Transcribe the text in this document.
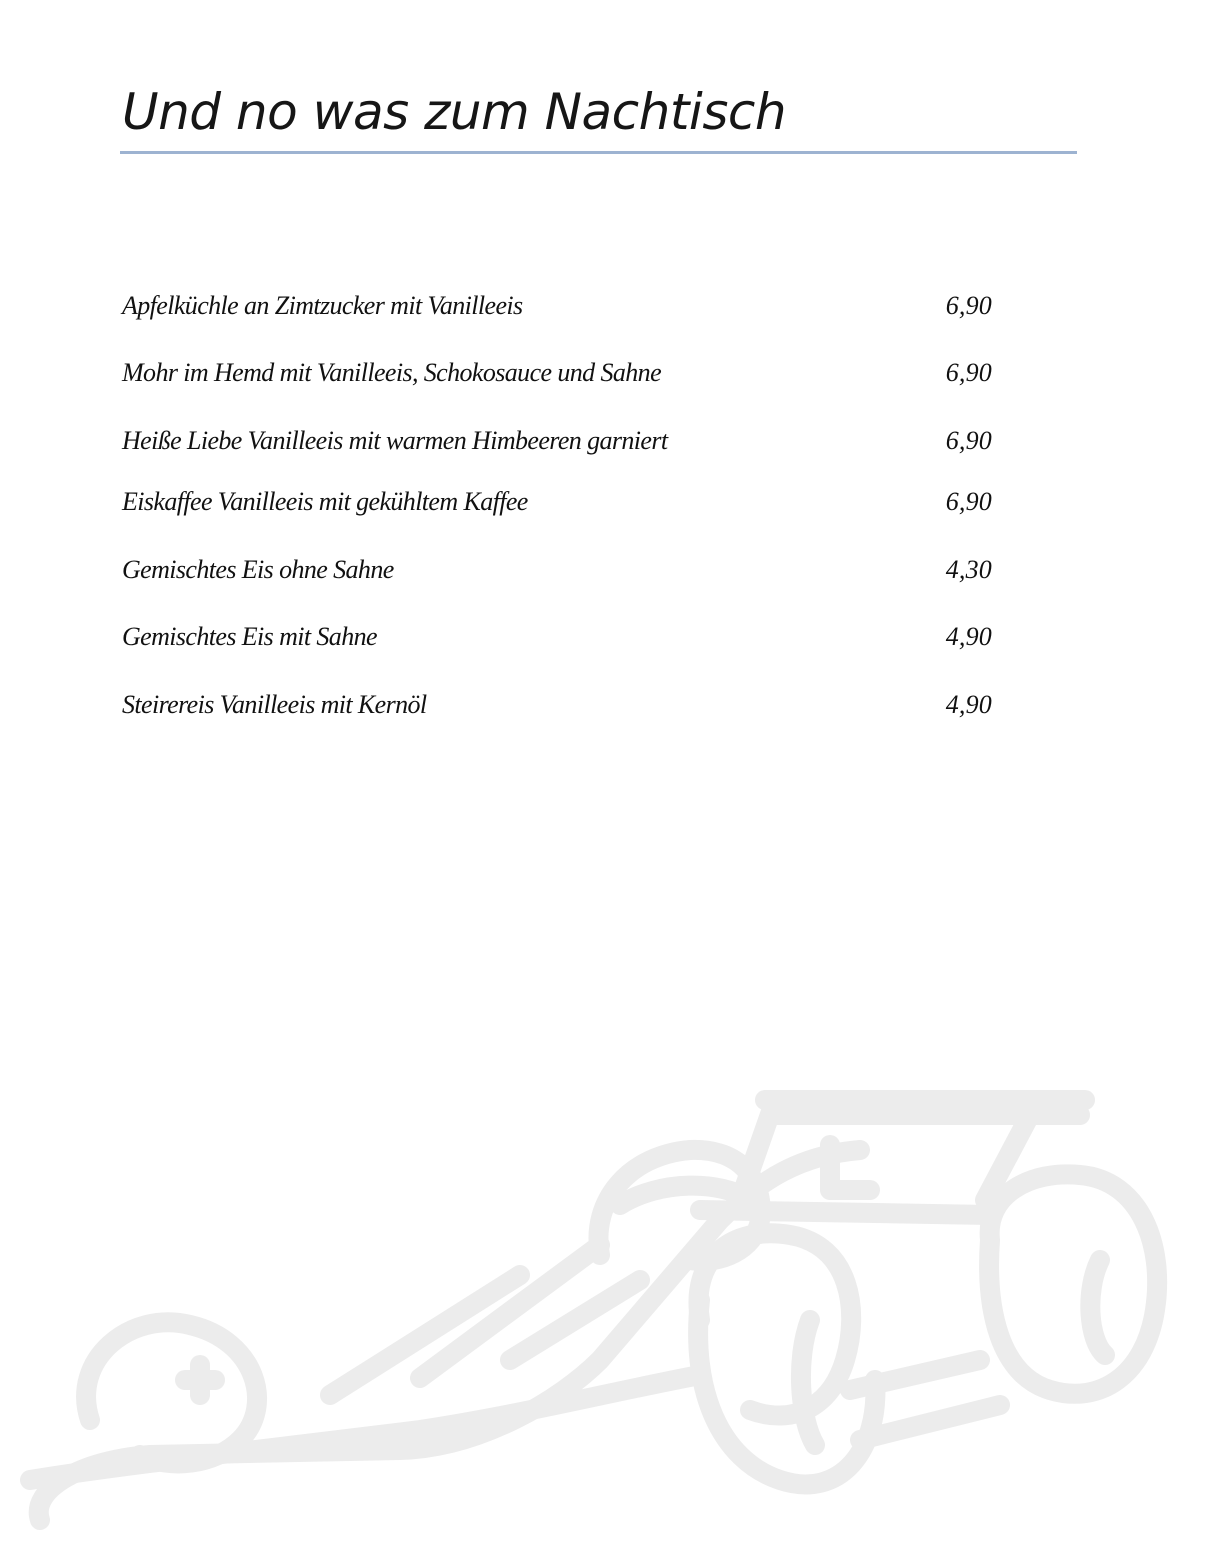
Und no was zum Nachtisch
Apfelküchle an Zimtzucker mit Vanilleeis	6,90
Mohr im Hemd mit Vanilleeis, Schokosauce und Sahne	6,90
Heiße Liebe Vanilleeis mit warmen Himbeeren garniert	6,90
Eiskaffee Vanilleeis mit gekühltem Kaffee	6,90
Gemischtes Eis ohne Sahne	4,30
Gemischtes Eis mit Sahne	4,90
Steirereis Vanilleeis mit Kernöl	4,90
